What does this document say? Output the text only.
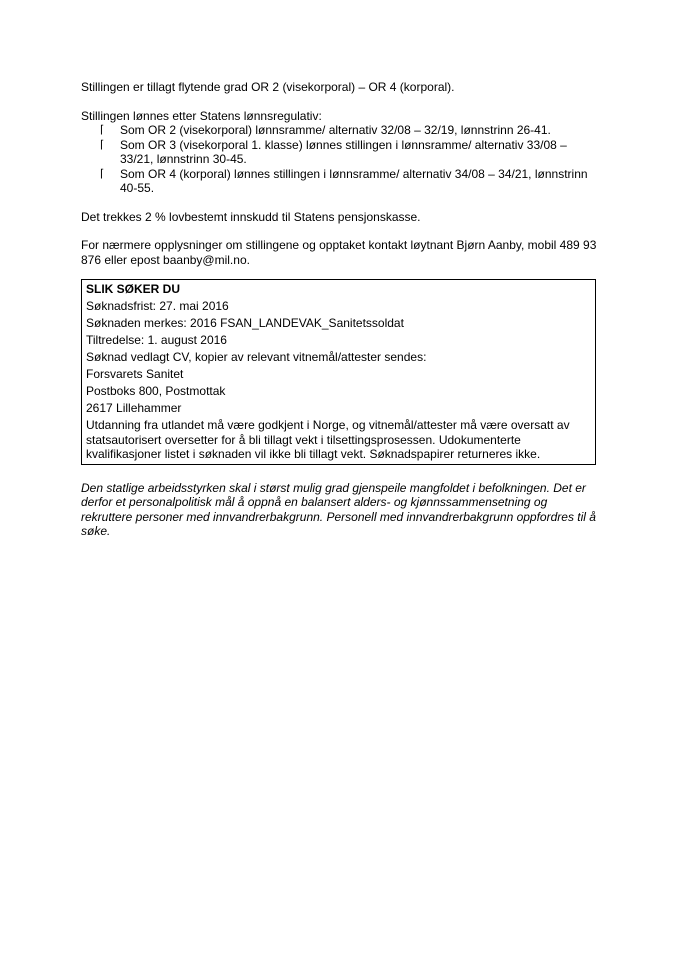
Stillingen er tillagt flytende grad OR 2 (visekorporal) – OR 4 (korporal).

Stillingen lønnes etter Statens lønnsregulativ:

⌈ Som OR 2 (visekorporal) lønnsramme/ alternativ 32/08 – 32/19, lønnstrinn 26-41.
⌈ Som OR 3 (visekorporal 1. klasse) lønnes stillingen i lønnsramme/ alternativ 33/08 – 33/21, lønnstrinn 30-45.
⌈ Som OR 4 (korporal) lønnes stillingen i lønnsramme/ alternativ 34/08 – 34/21, lønnstrinn 40-55.

Det trekkes 2 % lovbestemt innskudd til Statens pensjonskasse.

For nærmere opplysninger om stillingene og opptaket kontakt løytnant Bjørn Aanby, mobil 489 93 876 eller epost baanby@mil.no.

SLIK SØKER DU
Søknadsfrist: 27. mai 2016
Søknaden merkes: 2016 FSAN_LANDEVAK_Sanitetssoldat
Tiltredelse: 1. august 2016
Søknad vedlagt CV, kopier av relevant vitnemål/attester sendes:
Forsvarets Sanitet
Postboks 800, Postmottak
2617 Lillehammer
Utdanning fra utlandet må være godkjent i Norge, og vitnemål/attester må være oversatt av statsautorisert oversetter for å bli tillagt vekt i tilsettingsprosessen. Udokumenterte kvalifikasjoner listet i søknaden vil ikke bli tillagt vekt. Søknadspapirer returneres ikke.

Den statlige arbeidsstyrken skal i størst mulig grad gjenspeile mangfoldet i befolkningen. Det er derfor et personalpolitisk mål å oppnå en balansert alders- og kjønnssammensetning og rekruttere personer med innvandrerbakgrunn. Personell med innvandrerbakgrunn oppfordres til å søke.
